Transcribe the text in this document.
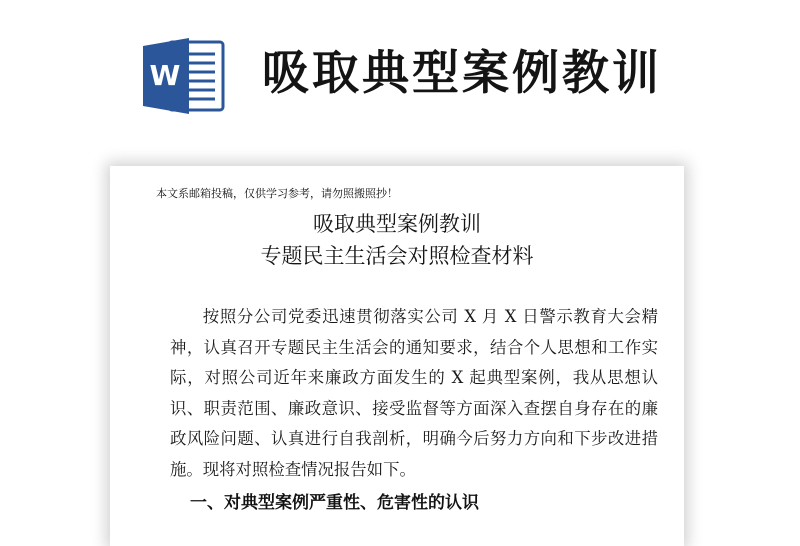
W 吸取典型案例教训
本文系邮箱投稿，仅供学习参考，请勿照搬照抄！
吸取典型案例教训
专题民主生活会对照检查材料

按照分公司党委迅速贯彻落实公司 X 月 X 日警示教育大会精神，认真召开专题民主生活会的通知要求，结合个人思想和工作实际，对照公司近年来廉政方面发生的 X 起典型案例，我从思想认识、职责范围、廉政意识、接受监督等方面深入查摆自身存在的廉政风险问题、认真进行自我剖析，明确今后努力方向和下步改进措施。现将对照检查情况报告如下。

一、对典型案例严重性、危害性的认识
